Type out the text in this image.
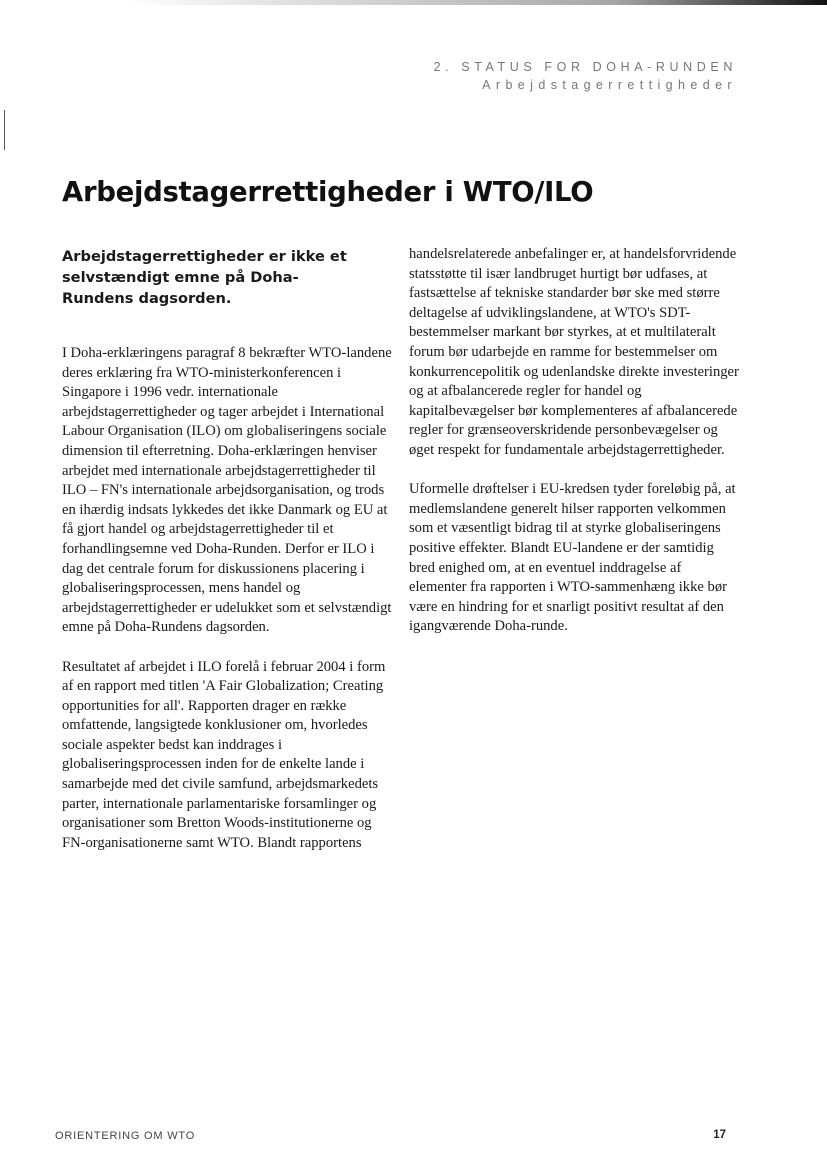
2. STATUS FOR DOHA-RUNDEN
Arbejdstagerrettigheder
Arbejdstagerrettigheder i WTO/ILO

Arbejdstagerrettigheder er ikke et selvstændigt emne på Doha-Rundens dagsorden.

I Doha-erklæringens paragraf 8 bekræfter WTO-landene deres erklæring fra WTO-ministerkonferencen i Singapore i 1996 vedr. internationale arbejdstagerrettigheder og tager arbejdet i International Labour Organisation (ILO) om globaliseringens sociale dimension til efterretning. Doha-erklæringen henviser arbejdet med internationale arbejdstagerrettigheder til ILO – FN's internationale arbejdsorganisation, og trods en ihærdig indsats lykkedes det ikke Danmark og EU at få gjort handel og arbejdstagerrettigheder til et forhandlingsemne ved Doha-Runden. Derfor er ILO i dag det centrale forum for diskussionens placering i globaliseringsprocessen, mens handel og arbejdstagerrettigheder er udelukket som et selvstændigt emne på Doha-Rundens dagsorden.

Resultatet af arbejdet i ILO forelå i februar 2004 i form af en rapport med titlen 'A Fair Globalization; Creating opportunities for all'. Rapporten drager en række omfattende, langsigtede konklusioner om, hvorledes sociale aspekter bedst kan inddrages i globaliseringsprocessen inden for de enkelte lande i samarbejde med det civile samfund, arbejdsmarkedets parter, internationale parlamentariske forsamlinger og organisationer som Bretton Woods-institutionerne og FN-organisationerne samt WTO. Blandt rapportens

handelsrelaterede anbefalinger er, at handelsforvridende statsstøtte til især landbruget hurtigt bør udfases, at fastsættelse af tekniske standarder bør ske med større deltagelse af udviklingslandene, at WTO's SDT-bestemmelser markant bør styrkes, at et multilateralt forum bør udarbejde en ramme for bestemmelser om konkurrencepolitik og udenlandske direkte investeringer og at afbalancerede regler for handel og kapitalbevægelser bør komplementeres af afbalancerede regler for grænseoverskridende personbevægelser og øget respekt for fundamentale arbejdstagerrettigheder.

Uformelle drøftelser i EU-kredsen tyder foreløbig på, at medlemslandene generelt hilser rapporten velkommen som et væsentligt bidrag til at styrke globaliseringens positive effekter. Blandt EU-landene er der samtidig bred enighed om, at en eventuel inddragelse af elementer fra rapporten i WTO-sammenhæng ikke bør være en hindring for et snarligt positivt resultat af den igangværende Doha-runde.

ORIENTERING OM WTO	17
